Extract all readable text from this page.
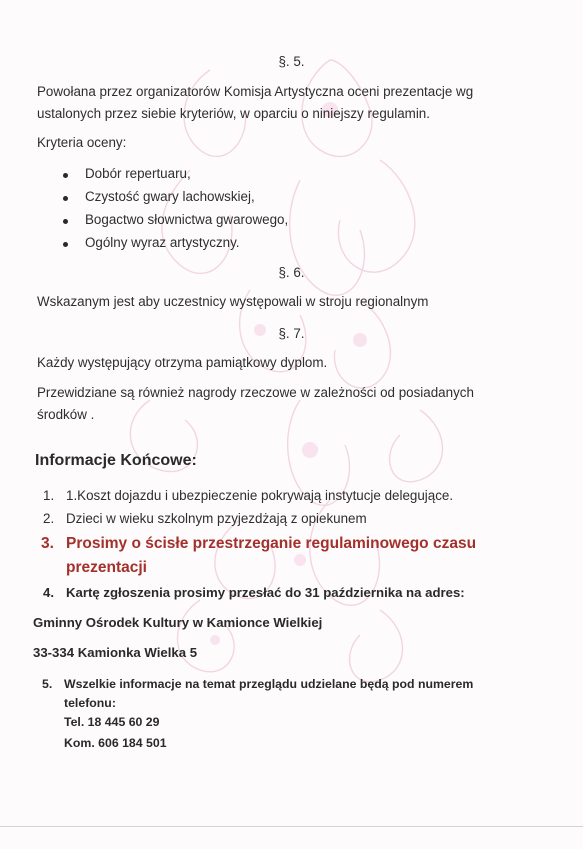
§. 5.
Powołana przez organizatorów Komisja Artystyczna oceni prezentacje wg
ustalonych przez siebie kryteriów, w oparciu o niniejszy regulamin.
Kryteria oceny:
Dobór repertuaru,
Czystość gwary lachowskiej,
Bogactwo słownictwa gwarowego,
Ogólny wyraz artystyczny.
§. 6.
Wskazanym jest aby uczestnicy występowali w stroju regionalnym
§. 7.
Każdy występujący otrzyma pamiątkowy dyplom.
Przewidziane są również nagrody rzeczowe w zależności od posiadanych
środków .
Informacje Końcowe:
1. 1.Koszt dojazdu i ubezpieczenie pokrywają instytucje delegujące.
2. Dzieci w wieku szkolnym pzyjezdżają z opiekunem
3. Prosimy o ścisłe przestrzeganie regulaminowego czasu
prezentacji
4. Kartę zgłoszenia prosimy przesłać do 31 października na adres:
Gminny Ośrodek Kultury w Kamionce Wielkiej
33-334 Kamionka Wielka 5
5. Wszelkie informacje na temat przeglądu udzielane będą pod numerem
telefonu:
Tel. 18 445 60 29
Kom. 606 184 501
